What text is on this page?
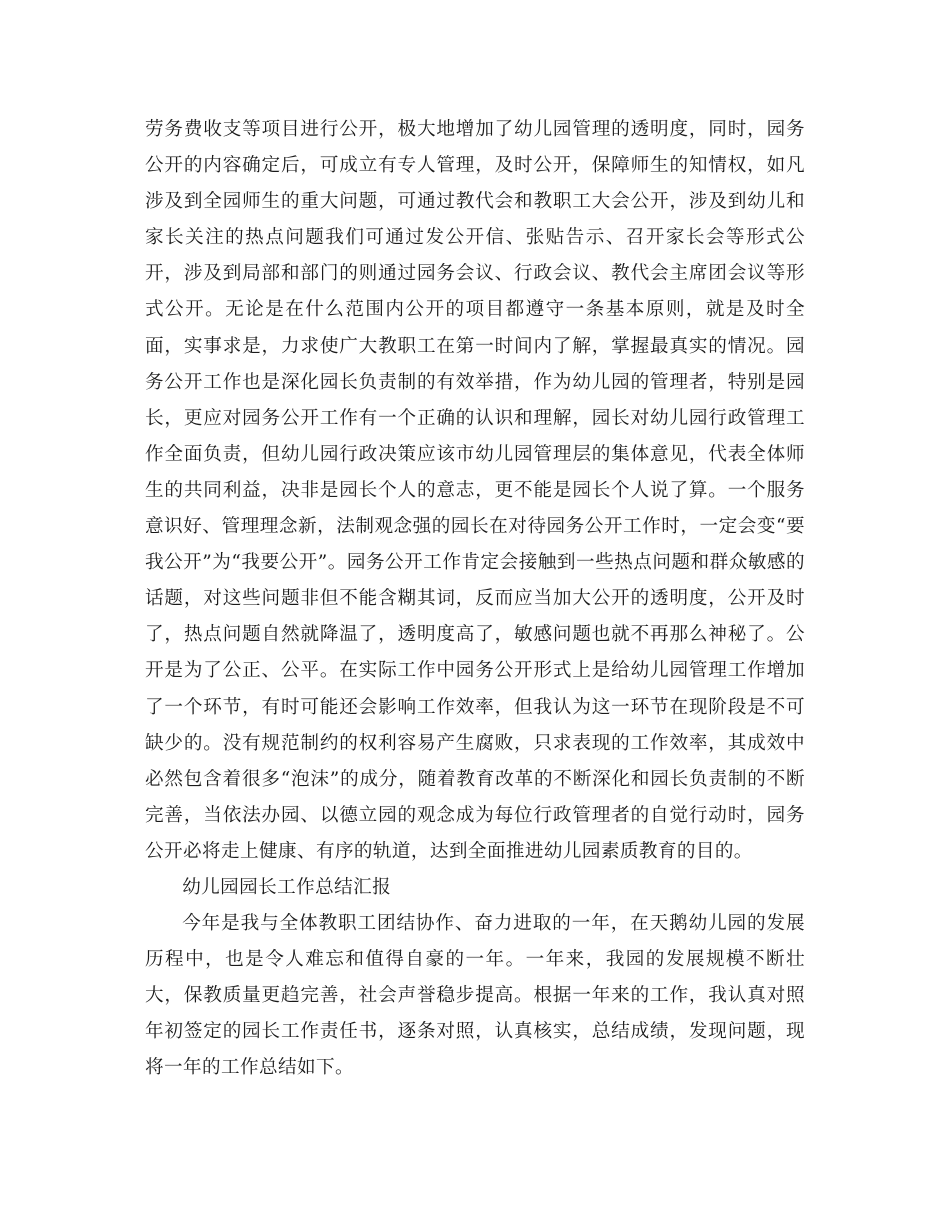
劳务费收支等项目进行公开，极大地增加了幼儿园管理的透明度，同时，园务公开的内容确定后，可成立有专人管理，及时公开，保障师生的知情权，如凡涉及到全园师生的重大问题，可通过教代会和教职工大会公开，涉及到幼儿和家长关注的热点问题我们可通过发公开信、张贴告示、召开家长会等形式公开，涉及到局部和部门的则通过园务会议、行政会议、教代会主席团会议等形式公开。无论是在什么范围内公开的项目都遵守一条基本原则，就是及时全面，实事求是，力求使广大教职工在第一时间内了解，掌握最真实的情况。园务公开工作也是深化园长负责制的有效举措，作为幼儿园的管理者，特别是园长，更应对园务公开工作有一个正确的认识和理解，园长对幼儿园行政管理工作全面负责，但幼儿园行政决策应该市幼儿园管理层的集体意见，代表全体师生的共同利益，决非是园长个人的意志，更不能是园长个人说了算。一个服务意识好、管理理念新，法制观念强的园长在对待园务公开工作时，一定会变“要我公开”为“我要公开”。园务公开工作肯定会接触到一些热点问题和群众敏感的话题，对这些问题非但不能含糊其词，反而应当加大公开的透明度，公开及时了，热点问题自然就降温了，透明度高了，敏感问题也就不再那么神秘了。公开是为了公正、公平。在实际工作中园务公开形式上是给幼儿园管理工作增加了一个环节，有时可能还会影响工作效率，但我认为这一环节在现阶段是不可缺少的。没有规范制约的权利容易产生腐败，只求表现的工作效率，其成效中必然包含着很多“泡沫”的成分，随着教育改革的不断深化和园长负责制的不断完善，当依法办园、以德立园的观念成为每位行政管理者的自觉行动时，园务公开必将走上健康、有序的轨道，达到全面推进幼儿园素质教育的目的。

幼儿园园长工作总结汇报

今年是我与全体教职工团结协作、奋力进取的一年，在天鹅幼儿园的发展历程中，也是令人难忘和值得自豪的一年。一年来，我园的发展规模不断壮大，保教质量更趋完善，社会声誉稳步提高。根据一年来的工作，我认真对照年初签定的园长工作责任书，逐条对照，认真核实，总结成绩，发现问题，现将一年的工作总结如下。
